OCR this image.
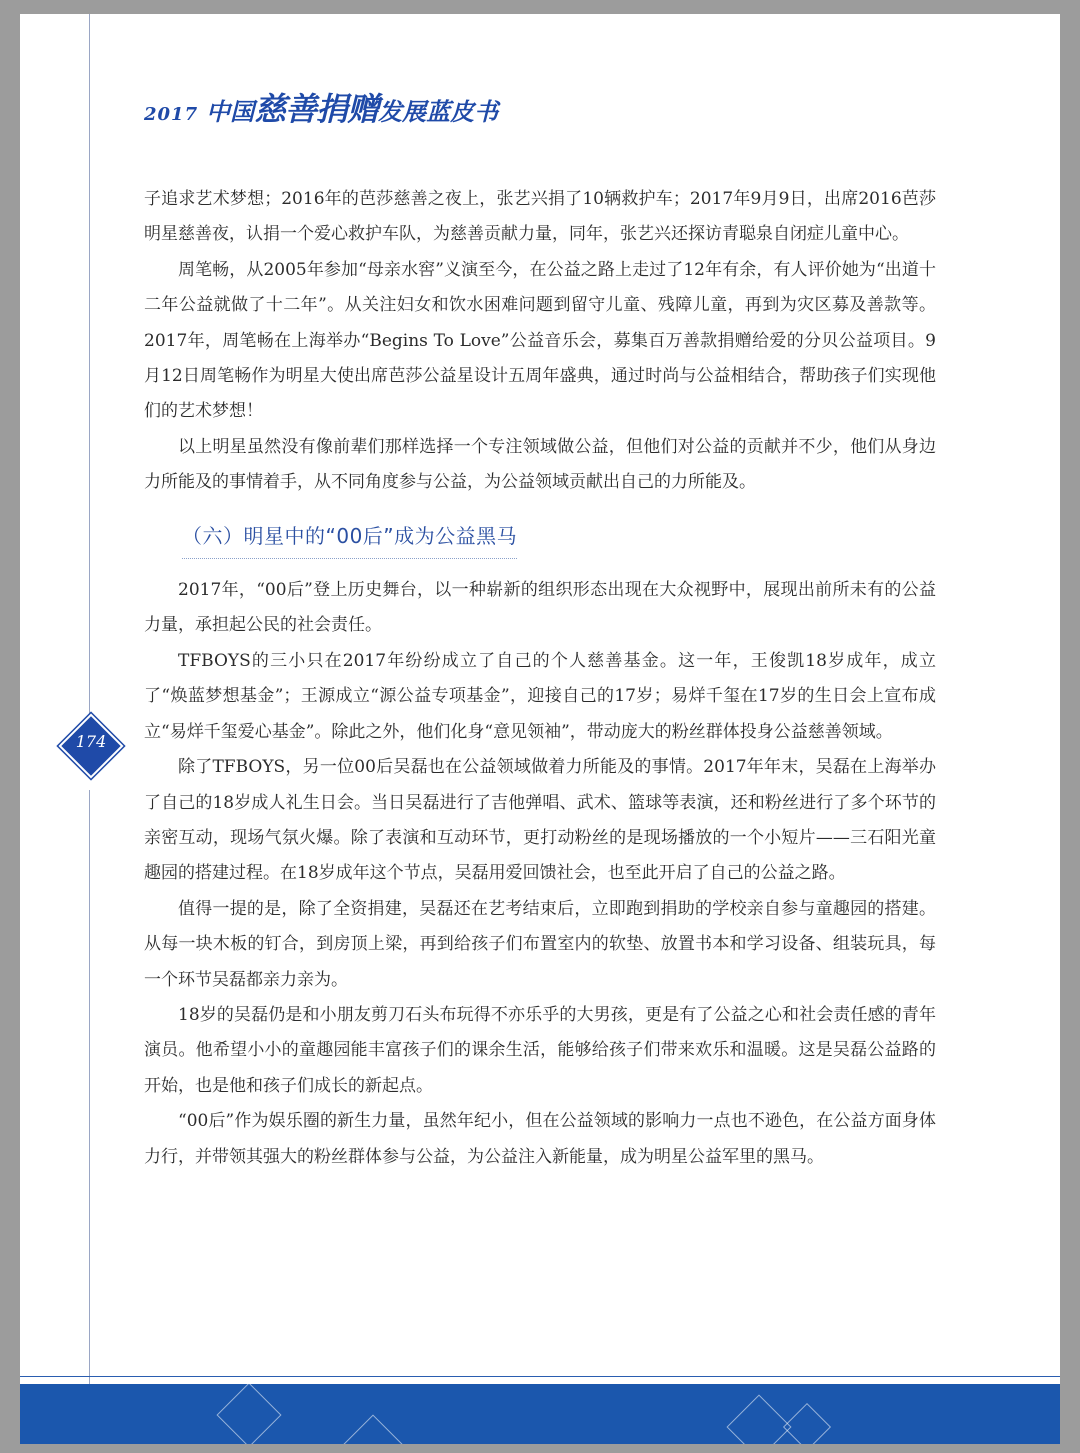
2017 中国 慈善捐赠 发展蓝皮书

子追求艺术梦想；2016年的芭莎慈善之夜上，张艺兴捐了10辆救护车；2017年9月9日，出席2016芭莎明星慈善夜，认捐一个爱心救护车队，为慈善贡献力量，同年，张艺兴还探访青聪泉自闭症儿童中心。

周笔畅，从2005年参加“母亲水窖”义演至今，在公益之路上走过了12年有余，有人评价她为“出道十二年公益就做了十二年”。从关注妇女和饮水困难问题到留守儿童、残障儿童，再到为灾区募及善款等。2017年，周笔畅在上海举办“Begins To Love”公益音乐会，募集百万善款捐赠给爱的分贝公益项目。9月12日周笔畅作为明星大使出席芭莎公益星设计五周年盛典，通过时尚与公益相结合，帮助孩子们实现他们的艺术梦想！

以上明星虽然没有像前辈们那样选择一个专注领域做公益，但他们对公益的贡献并不少，他们从身边力所能及的事情着手，从不同角度参与公益，为公益领域贡献出自己的力所能及。

（六）明星中的“00后”成为公益黑马

2017年，“00后”登上历史舞台，以一种崭新的组织形态出现在大众视野中，展现出前所未有的公益力量，承担起公民的社会责任。

TFBOYS的三小只在2017年纷纷成立了自己的个人慈善基金。这一年，王俊凯18岁成年，成立了“焕蓝梦想基金”；王源成立“源公益专项基金”，迎接自己的17岁；易烊千玺在17岁的生日会上宣布成立“易烊千玺爱心基金”。除此之外，他们化身“意见领袖”，带动庞大的粉丝群体投身公益慈善领域。

除了TFBOYS，另一位00后吴磊也在公益领域做着力所能及的事情。2017年年末，吴磊在上海举办了自己的18岁成人礼生日会。当日吴磊进行了吉他弹唱、武术、篮球等表演，还和粉丝进行了多个环节的亲密互动，现场气氛火爆。除了表演和互动环节，更打动粉丝的是现场播放的一个小短片——三石阳光童趣园的搭建过程。在18岁成年这个节点，吴磊用爱回馈社会，也至此开启了自己的公益之路。

值得一提的是，除了全资捐建，吴磊还在艺考结束后，立即跑到捐助的学校亲自参与童趣园的搭建。从每一块木板的钉合，到房顶上梁，再到给孩子们布置室内的软垫、放置书本和学习设备、组装玩具，每一个环节吴磊都亲力亲为。

18岁的吴磊仍是和小朋友剪刀石头布玩得不亦乐乎的大男孩，更是有了公益之心和社会责任感的青年演员。他希望小小的童趣园能丰富孩子们的课余生活，能够给孩子们带来欢乐和温暖。这是吴磊公益路的开始，也是他和孩子们成长的新起点。

“00后”作为娱乐圈的新生力量，虽然年纪小，但在公益领域的影响力一点也不逊色，在公益方面身体力行，并带领其强大的粉丝群体参与公益，为公益注入新能量，成为明星公益军里的黑马。

174
